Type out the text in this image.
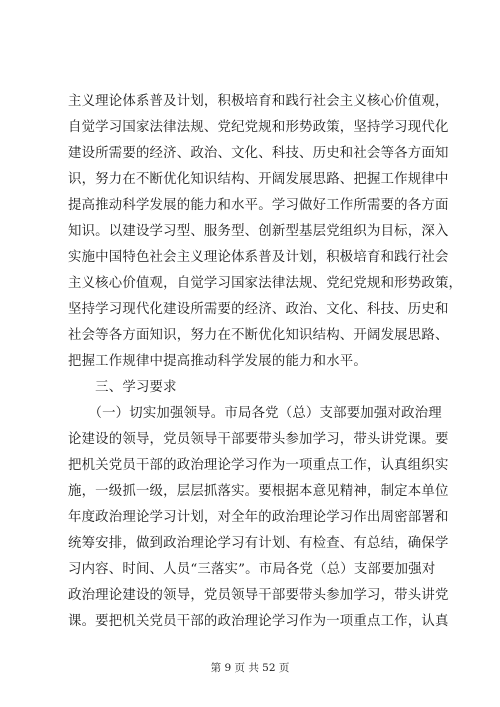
主义理论体系普及计划，积极培育和践行社会主义核心价值观，
自觉学习国家法律法规、党纪党规和形势政策，坚持学习现代化
建设所需要的经济、政治、文化、科技、历史和社会等各方面知
识，努力在不断优化知识结构、开阔发展思路、把握工作规律中
提高推动科学发展的能力和水平。学习做好工作所需要的各方面
知识。以建设学习型、服务型、创新型基层党组织为目标，深入
实施中国特色社会主义理论体系普及计划，积极培育和践行社会
主义核心价值观，自觉学习国家法律法规、党纪党规和形势政策，
坚持学习现代化建设所需要的经济、政治、文化、科技、历史和
社会等各方面知识，努力在不断优化知识结构、开阔发展思路、
把握工作规律中提高推动科学发展的能力和水平。
　　三、学习要求
　　（一）切实加强领导。市局各党（总）支部要加强对政治理
论建设的领导，党员领导干部要带头参加学习，带头讲党课。要
把机关党员干部的政治理论学习作为一项重点工作，认真组织实
施，一级抓一级，层层抓落实。要根据本意见精神，制定本单位
年度政治理论学习计划，对全年的政治理论学习作出周密部署和
统筹安排，做到政治理论学习有计划、有检查、有总结，确保学
习内容、时间、人员“三落实”。市局各党（总）支部要加强对
政治理论建设的领导，党员领导干部要带头参加学习，带头讲党
课。要把机关党员干部的政治理论学习作为一项重点工作，认真
第 9 页 共 52 页
